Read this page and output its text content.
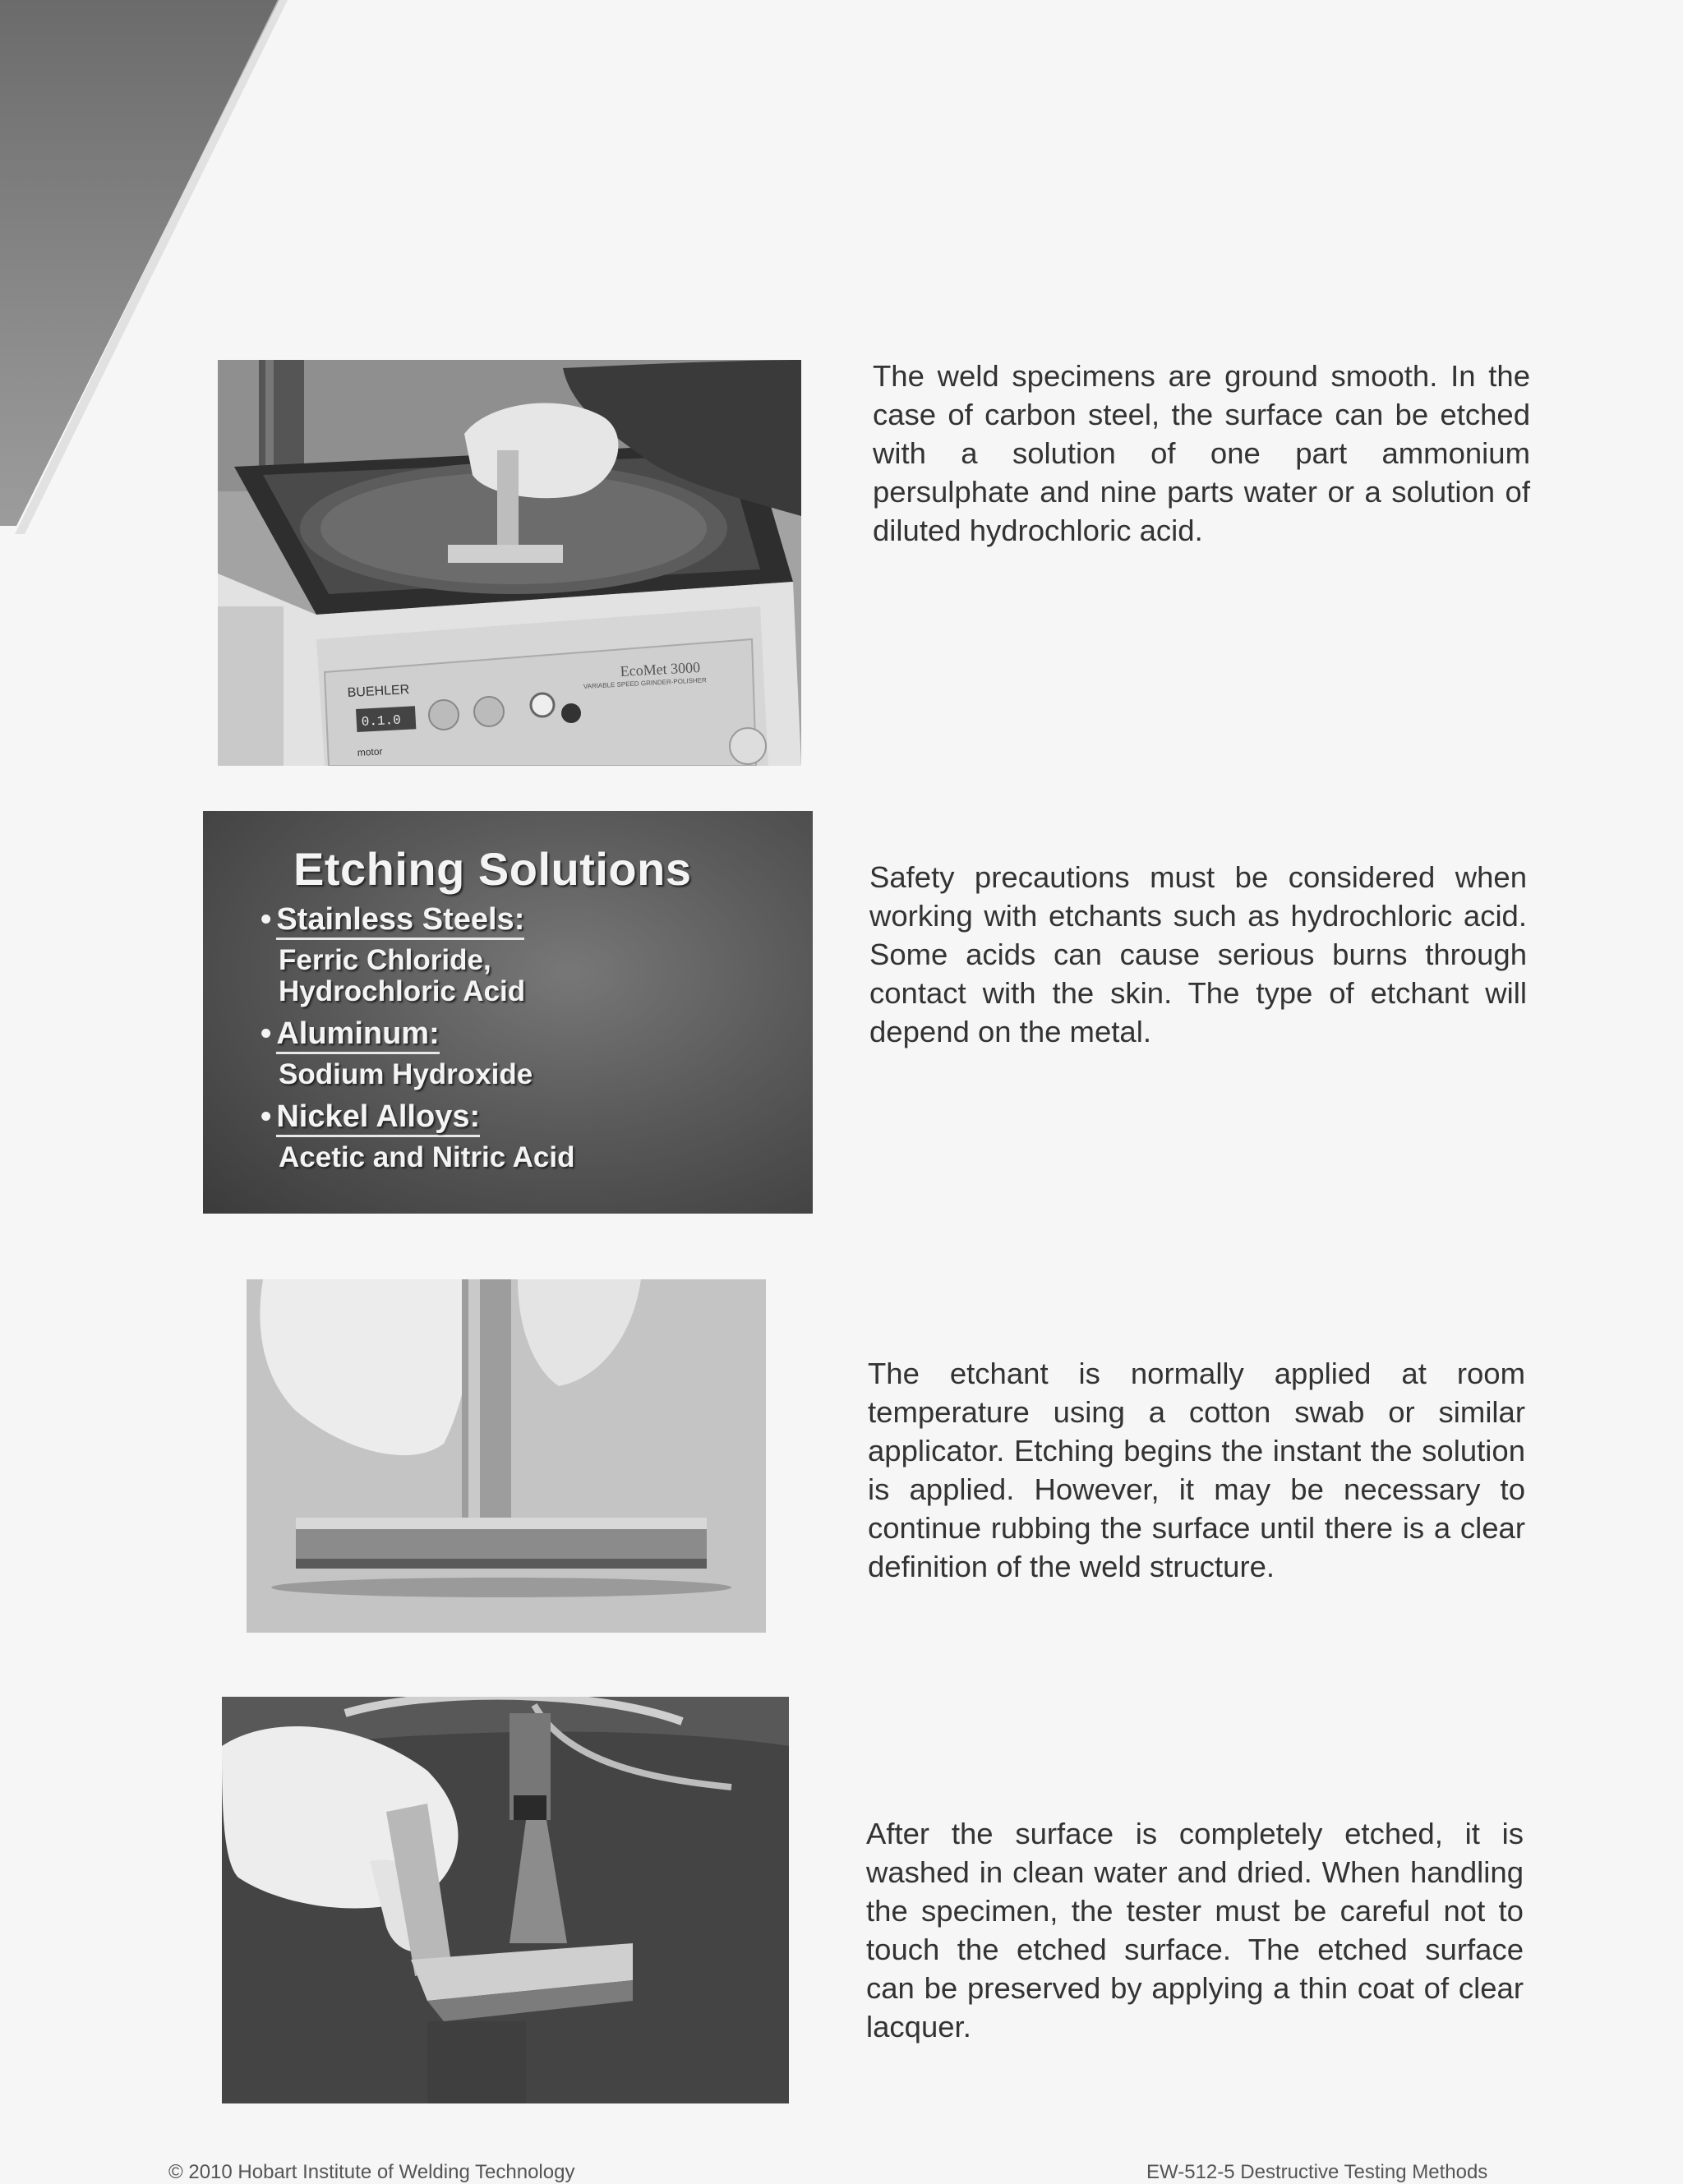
BUEHLER
EcoMet 3000
VARIABLE SPEED GRINDER-POLISHER
0.1.0
motor

The weld specimens are ground smooth. In the case of carbon steel, the surface can be etched with a solution of one part ammonium persulphate and nine parts water or a solution of diluted hydrochloric acid.

Etching Solutions
• Stainless Steels:
Ferric Chloride, Hydrochloric Acid
• Aluminum:
Sodium Hydroxide
• Nickel Alloys:
Acetic and Nitric Acid

Safety precautions must be considered when working with etchants such as hydrochloric acid. Some acids can cause serious burns through contact with the skin. The type of etchant will depend on the metal.

The etchant is normally applied at room temperature using a cotton swab or similar applicator. Etching begins the instant the solution is applied. However, it may be necessary to continue rubbing the surface until there is a clear definition of the weld structure.

After the surface is completely etched, it is washed in clean water and dried. When handling the specimen, the tester must be careful not to touch the etched surface. The etched surface can be preserved by applying a thin coat of clear lacquer.

© 2010 Hobart Institute of Welding Technology	EW-512-5 Destructive Testing Methods
